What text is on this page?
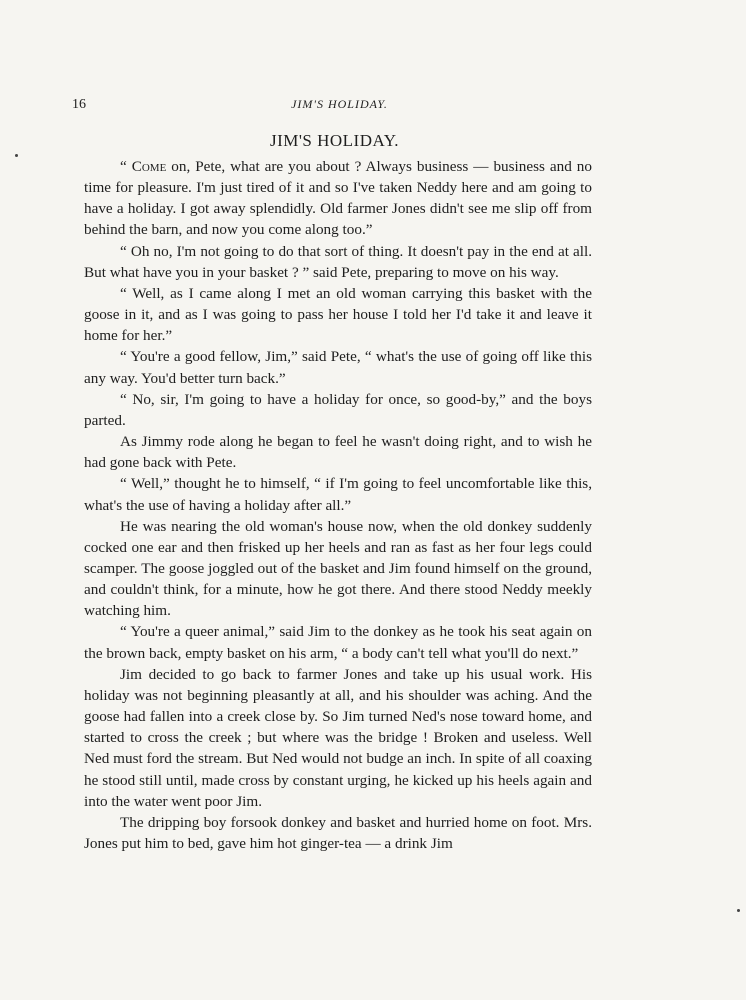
16	JIM'S HOLIDAY.
JIM'S HOLIDAY.

“ Come on, Pete, what are you about ? Always business — business and no time for pleasure. I'm just tired of it and so I've taken Neddy here and am going to have a holiday. I got away splendidly. Old farmer Jones didn't see me slip off from behind the barn, and now you come along too.”

“ Oh no, I'm not going to do that sort of thing. It doesn't pay in the end at all. But what have you in your basket ? ” said Pete, preparing to move on his way.

“ Well, as I came along I met an old woman carrying this basket with the goose in it, and as I was going to pass her house I told her I'd take it and leave it home for her.”

“ You're a good fellow, Jim,” said Pete, “ what's the use of going off like this any way. You'd better turn back.”

“ No, sir, I'm going to have a holiday for once, so good-by,” and the boys parted.

As Jimmy rode along he began to feel he wasn't doing right, and to wish he had gone back with Pete.

“ Well,” thought he to himself, “ if I'm going to feel uncomfortable like this, what's the use of having a holiday after all.”

He was nearing the old woman's house now, when the old donkey suddenly cocked one ear and then frisked up her heels and ran as fast as her four legs could scamper. The goose joggled out of the basket and Jim found himself on the ground, and couldn't think, for a minute, how he got there. And there stood Neddy meekly watching him.

“ You're a queer animal,” said Jim to the donkey as he took his seat again on the brown back, empty basket on his arm, “ a body can't tell what you'll do next.”

Jim decided to go back to farmer Jones and take up his usual work. His holiday was not beginning pleasantly at all, and his shoulder was aching. And the goose had fallen into a creek close by. So Jim turned Ned's nose toward home, and started to cross the creek ; but where was the bridge ! Broken and useless. Well Ned must ford the stream. But Ned would not budge an inch. In spite of all coaxing he stood still until, made cross by constant urging, he kicked up his heels again and into the water went poor Jim.

The dripping boy forsook donkey and basket and hurried home on foot. Mrs. Jones put him to bed, gave him hot ginger-tea — a drink Jim
